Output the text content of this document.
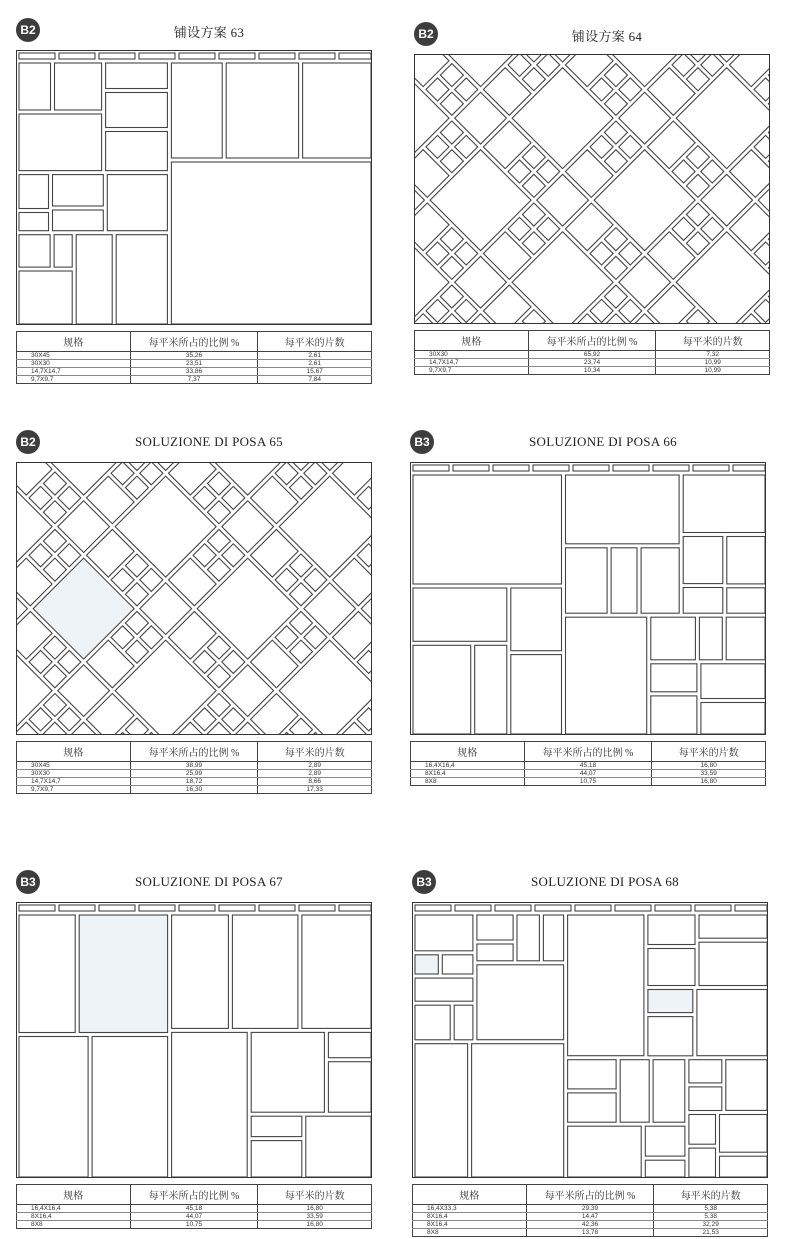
B2	铺设方案 63
规格	每平米所占的比例 %	每平米的片数
30X45	35,26	2,61
30X30	23,51	2,61
14,7X14,7	33,86	15,67
9,7X9,7	7,37	7,84
B2	铺设方案 64
规格	每平米所占的比例 %	每平米的片数
30X30	65,92	7,32
14,7X14,7	23,74	10,99
9,7X9,7	10,34	10,99
B2	SOLUZIONE DI POSA 65
规格	每平米所占的比例 %	每平米的片数
30X45	38,99	2,89
30X30	25,99	2,89
14,7X14,7	18,72	8,66
9,7X9,7	16,30	17,33
B3	SOLUZIONE DI POSA 66
规格	每平米所占的比例 %	每平米的片数
16,4X16,4	45,18	16,80
8X16,4	44,07	33,59
8X8	10,75	16,80
B3	SOLUZIONE DI POSA 67
规格	每平米所占的比例 %	每平米的片数
16,4X16,4	45,18	16,80
8X16,4	44,07	33,59
8X8	10,75	16,80
B3	SOLUZIONE DI POSA 68
规格	每平米所占的比例 %	每平米的片数
16,4X33,3	29,39	5,38
8X16,4	14,47	5,38
8X16,4	42,36	32,29
8X8	13,78	21,53
